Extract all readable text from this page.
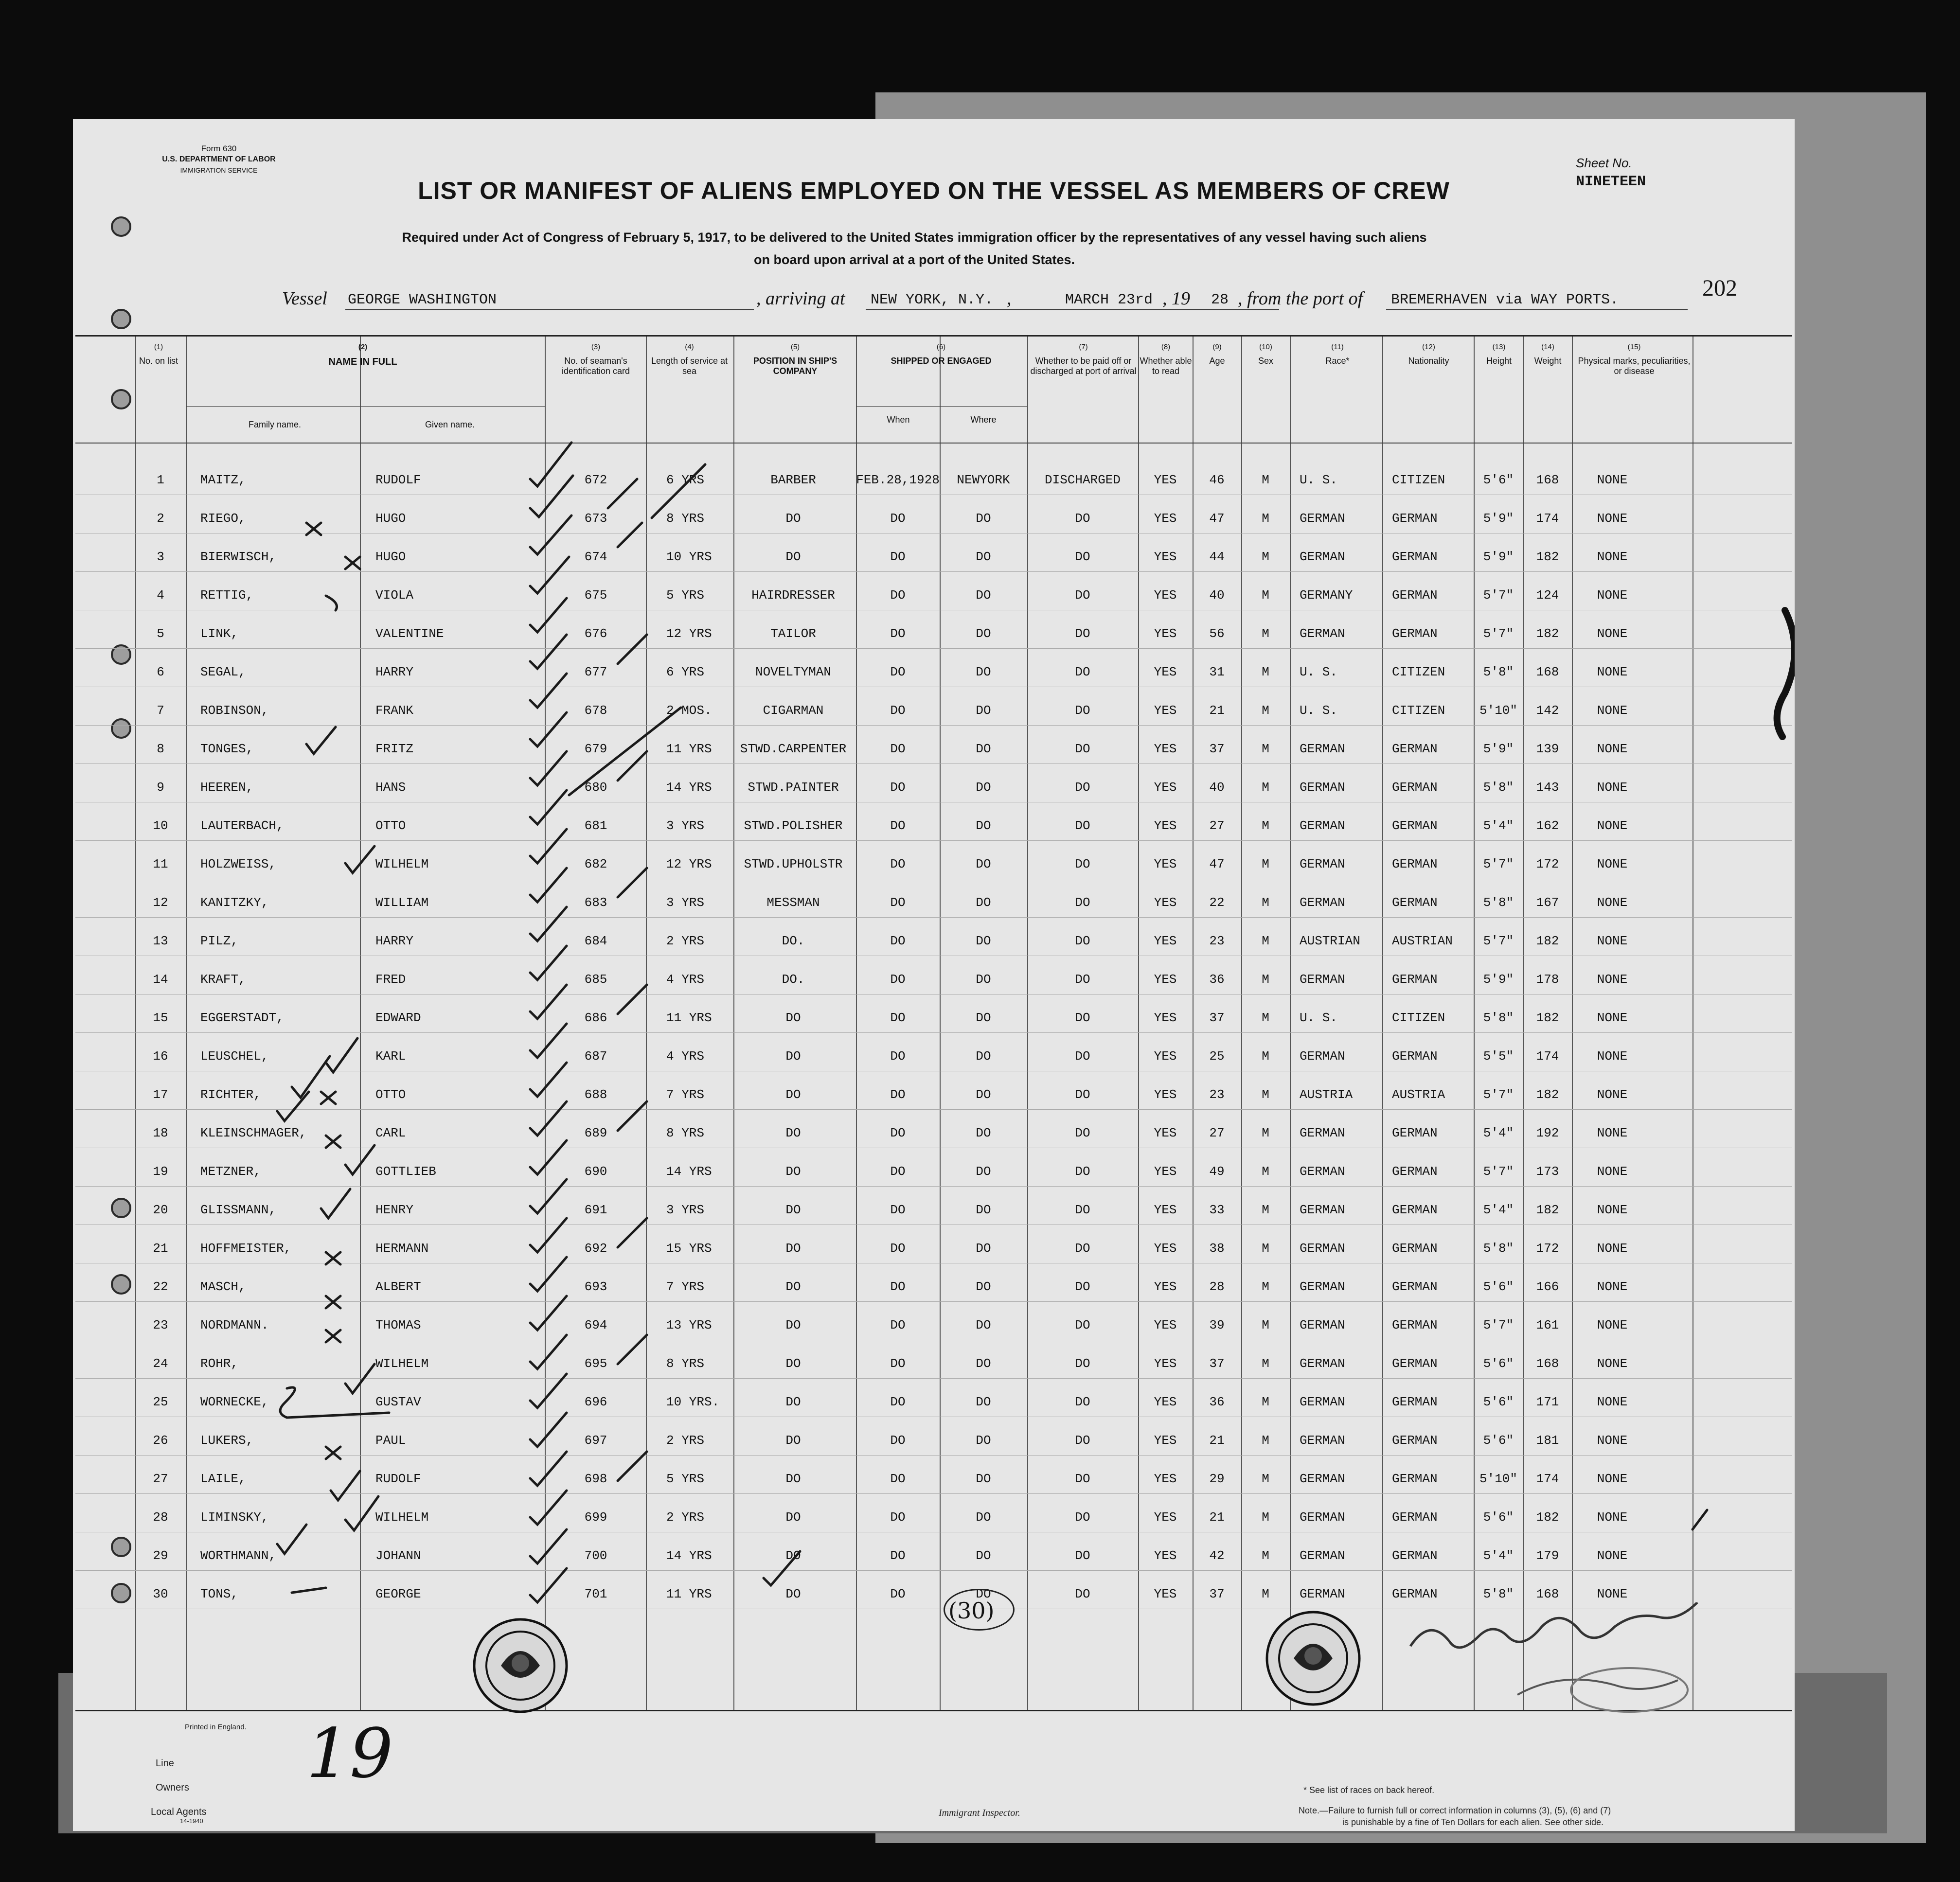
Form 630
U.S. DEPARTMENT OF LABOR
IMMIGRATION SERVICE	Sheet No.
NINETEEN
LIST OR MANIFEST OF ALIENS EMPLOYED ON THE VESSEL AS MEMBERS OF CREW
Required under Act of Congress of February 5, 1917, to be delivered to the United States immigration officer by the representatives of any vessel having such aliens
on board upon arrival at a port of the United States.
202
Vessel GEORGE WASHINGTON	, arriving at NEW YORK, N.Y. ,	MARCH 23rd , 19 28 , from the port of BREMERHAVEN via WAY PORTS.
(1)
No. on list
(2)
NAME IN FULL
Family name.	Given name.
(3)
No. of seaman's identification card
(4)
Length of service at sea
(5)
POSITION IN SHIP'S COMPANY
(6)
SHIPPED OR ENGAGED
When	Where
(7)
Whether to be paid off or discharged at port of arrival
(8)
Whether able to read
(9)
Age
(10)
Sex
(11)
Race*
(12)
Nationality
(13)
Height
(14)
Weight
(15)
Physical marks, peculiarities, or disease
1	MAITZ,	RUDOLF	672	6 YRS	BARBER	FEB.28,1928	NEWYORK	DISCHARGED	YES	46	M	U. S.	CITIZEN	5'6"	168	NONE
2	RIEGO,	HUGO	673	8 YRS	DO	DO	DO	DO	YES	47	M	GERMAN	GERMAN	5'9"	174	NONE
3	BIERWISCH,	HUGO	674	10 YRS	DO	DO	DO	DO	YES	44	M	GERMAN	GERMAN	5'9"	182	NONE
4	RETTIG,	VIOLA	675	5 YRS	HAIRDRESSER	DO	DO	DO	YES	40	M	GERMANY	GERMAN	5'7"	124	NONE
5	LINK,	VALENTINE	676	12 YRS	TAILOR	DO	DO	DO	YES	56	M	GERMAN	GERMAN	5'7"	182	NONE
6	SEGAL,	HARRY	677	6 YRS	NOVELTYMAN	DO	DO	DO	YES	31	M	U. S.	CITIZEN	5'8"	168	NONE
7	ROBINSON,	FRANK	678	2 MOS.	CIGARMAN	DO	DO	DO	YES	21	M	U. S.	CITIZEN	5'10"	142	NONE
8	TONGES,	FRITZ	679	11 YRS	STWD.CARPENTER	DO	DO	DO	YES	37	M	GERMAN	GERMAN	5'9"	139	NONE
9	HEEREN,	HANS	680	14 YRS	STWD.PAINTER	DO	DO	DO	YES	40	M	GERMAN	GERMAN	5'8"	143	NONE
10	LAUTERBACH,	OTTO	681	3 YRS	STWD.POLISHER	DO	DO	DO	YES	27	M	GERMAN	GERMAN	5'4"	162	NONE
11	HOLZWEISS,	WILHELM	682	12 YRS	STWD.UPHOLSTR	DO	DO	DO	YES	47	M	GERMAN	GERMAN	5'7"	172	NONE
12	KANITZKY,	WILLIAM	683	3 YRS	MESSMAN	DO	DO	DO	YES	22	M	GERMAN	GERMAN	5'8"	167	NONE
13	PILZ,	HARRY	684	2 YRS	DO.	DO	DO	DO	YES	23	M	AUSTRIAN	AUSTRIAN	5'7"	182	NONE
14	KRAFT,	FRED	685	4 YRS	DO.	DO	DO	DO	YES	36	M	GERMAN	GERMAN	5'9"	178	NONE
15	EGGERSTADT,	EDWARD	686	11 YRS	DO	DO	DO	DO	YES	37	M	U. S.	CITIZEN	5'8"	182	NONE
16	LEUSCHEL,	KARL	687	4 YRS	DO	DO	DO	DO	YES	25	M	GERMAN	GERMAN	5'5"	174	NONE
17	RICHTER,	OTTO	688	7 YRS	DO	DO	DO	DO	YES	23	M	AUSTRIA	AUSTRIA	5'7"	182	NONE
18	KLEINSCHMAGER,	CARL	689	8 YRS	DO	DO	DO	DO	YES	27	M	GERMAN	GERMAN	5'4"	192	NONE
19	METZNER,	GOTTLIEB	690	14 YRS	DO	DO	DO	DO	YES	49	M	GERMAN	GERMAN	5'7"	173	NONE
20	GLISSMANN,	HENRY	691	3 YRS	DO	DO	DO	DO	YES	33	M	GERMAN	GERMAN	5'4"	182	NONE
21	HOFFMEISTER,	HERMANN	692	15 YRS	DO	DO	DO	DO	YES	38	M	GERMAN	GERMAN	5'8"	172	NONE
22	MASCH,	ALBERT	693	7 YRS	DO	DO	DO	DO	YES	28	M	GERMAN	GERMAN	5'6"	166	NONE
23	NORDMANN.	THOMAS	694	13 YRS	DO	DO	DO	DO	YES	39	M	GERMAN	GERMAN	5'7"	161	NONE
24	ROHR,	WILHELM	695	8 YRS	DO	DO	DO	DO	YES	37	M	GERMAN	GERMAN	5'6"	168	NONE
25	WORNECKE,	GUSTAV	696	10 YRS.	DO	DO	DO	DO	YES	36	M	GERMAN	GERMAN	5'6"	171	NONE
26	LUKERS,	PAUL	697	2 YRS	DO	DO	DO	DO	YES	21	M	GERMAN	GERMAN	5'6"	181	NONE
27	LAILE,	RUDOLF	698	5 YRS	DO	DO	DO	DO	YES	29	M	GERMAN	GERMAN	5'10"	174	NONE
28	LIMINSKY,	WILHELM	699	2 YRS	DO	DO	DO	DO	YES	21	M	GERMAN	GERMAN	5'6"	182	NONE
29	WORTHMANN,	JOHANN	700	14 YRS	DO	DO	DO	DO	YES	42	M	GERMAN	GERMAN	5'4"	179	NONE
30	TONS,	GEORGE	701	11 YRS	DO	DO	DO	DO	YES	37	M	GERMAN	GERMAN	5'8"	168	NONE
(30)
Printed in England.
Line
Owners
Local Agents
14-1940
19
Immigrant Inspector.
* See list of races on back hereof.
Note.—Failure to furnish full or correct information in columns (3), (5), (6) and (7)
is punishable by a fine of Ten Dollars for each alien. See other side.
